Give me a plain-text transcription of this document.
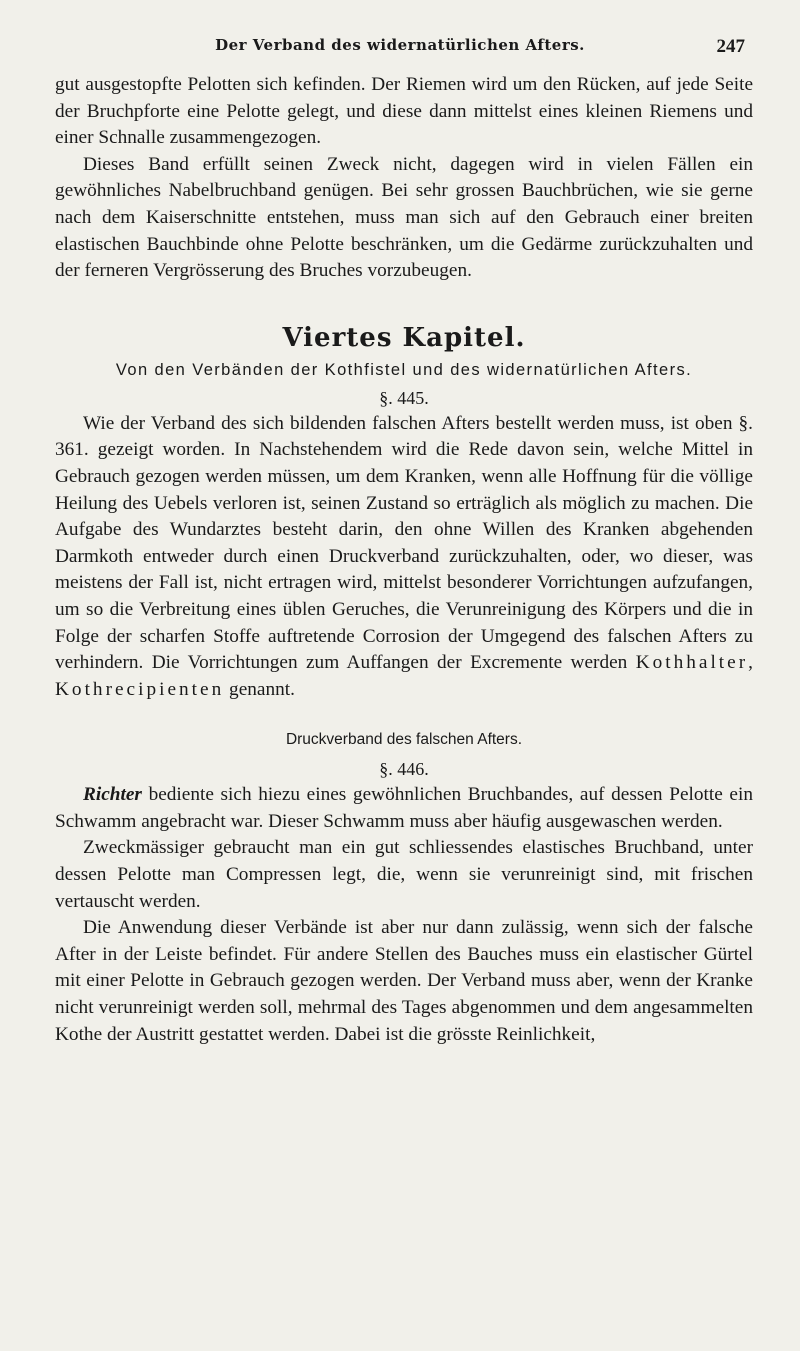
Der Verband des widernatürlichen Afters.	247

gut ausgestopfte Pelotten sich kefinden. Der Riemen wird um den Rücken, auf jede Seite der Bruchpforte eine Pelotte gelegt, und diese dann mittelst eines kleinen Riemens und einer Schnalle zusammengezogen.

Dieses Band erfüllt seinen Zweck nicht, dagegen wird in vielen Fällen ein gewöhnliches Nabelbruchband genügen. Bei sehr grossen Bauchbrüchen, wie sie gerne nach dem Kaiserschnitte entstehen, muss man sich auf den Gebrauch einer breiten elastischen Bauchbinde ohne Pelotte beschränken, um die Gedärme zurückzuhalten und der ferneren Vergrösserung des Bruches vorzubeugen.

Viertes Kapitel.
Von den Verbänden der Kothfistel und des widernatürlichen Afters.
§. 445.

Wie der Verband des sich bildenden falschen Afters bestellt werden muss, ist oben §. 361. gezeigt worden. In Nachstehendem wird die Rede davon sein, welche Mittel in Gebrauch gezogen werden müssen, um dem Kranken, wenn alle Hoffnung für die völlige Heilung des Uebels verloren ist, seinen Zustand so erträglich als möglich zu machen. Die Aufgabe des Wundarztes besteht darin, den ohne Willen des Kranken abgehenden Darmkoth entweder durch einen Druckverband zurückzuhalten, oder, wo dieser, was meistens der Fall ist, nicht ertragen wird, mittelst besonderer Vorrichtungen aufzufangen, um so die Verbreitung eines üblen Geruches, die Verunreinigung des Körpers und die in Folge der scharfen Stoffe auftretende Corrosion der Umgegend des falschen Afters zu verhindern. Die Vorrichtungen zum Auffangen der Excremente werden Kothhalter, Kothrecipienten genannt.

Druckverband des falschen Afters.
§. 446.

Richter bediente sich hiezu eines gewöhnlichen Bruchbandes, auf dessen Pelotte ein Schwamm angebracht war. Dieser Schwamm muss aber häufig ausgewaschen werden.

Zweckmässiger gebraucht man ein gut schliessendes elastisches Bruchband, unter dessen Pelotte man Compressen legt, die, wenn sie verunreinigt sind, mit frischen vertauscht werden.

Die Anwendung dieser Verbände ist aber nur dann zulässig, wenn sich der falsche After in der Leiste befindet. Für andere Stellen des Bauches muss ein elastischer Gürtel mit einer Pelotte in Gebrauch gezogen werden. Der Verband muss aber, wenn der Kranke nicht verunreinigt werden soll, mehrmal des Tages abgenommen und dem angesammelten Kothe der Austritt gestattet werden. Dabei ist die grösste Reinlichkeit,
